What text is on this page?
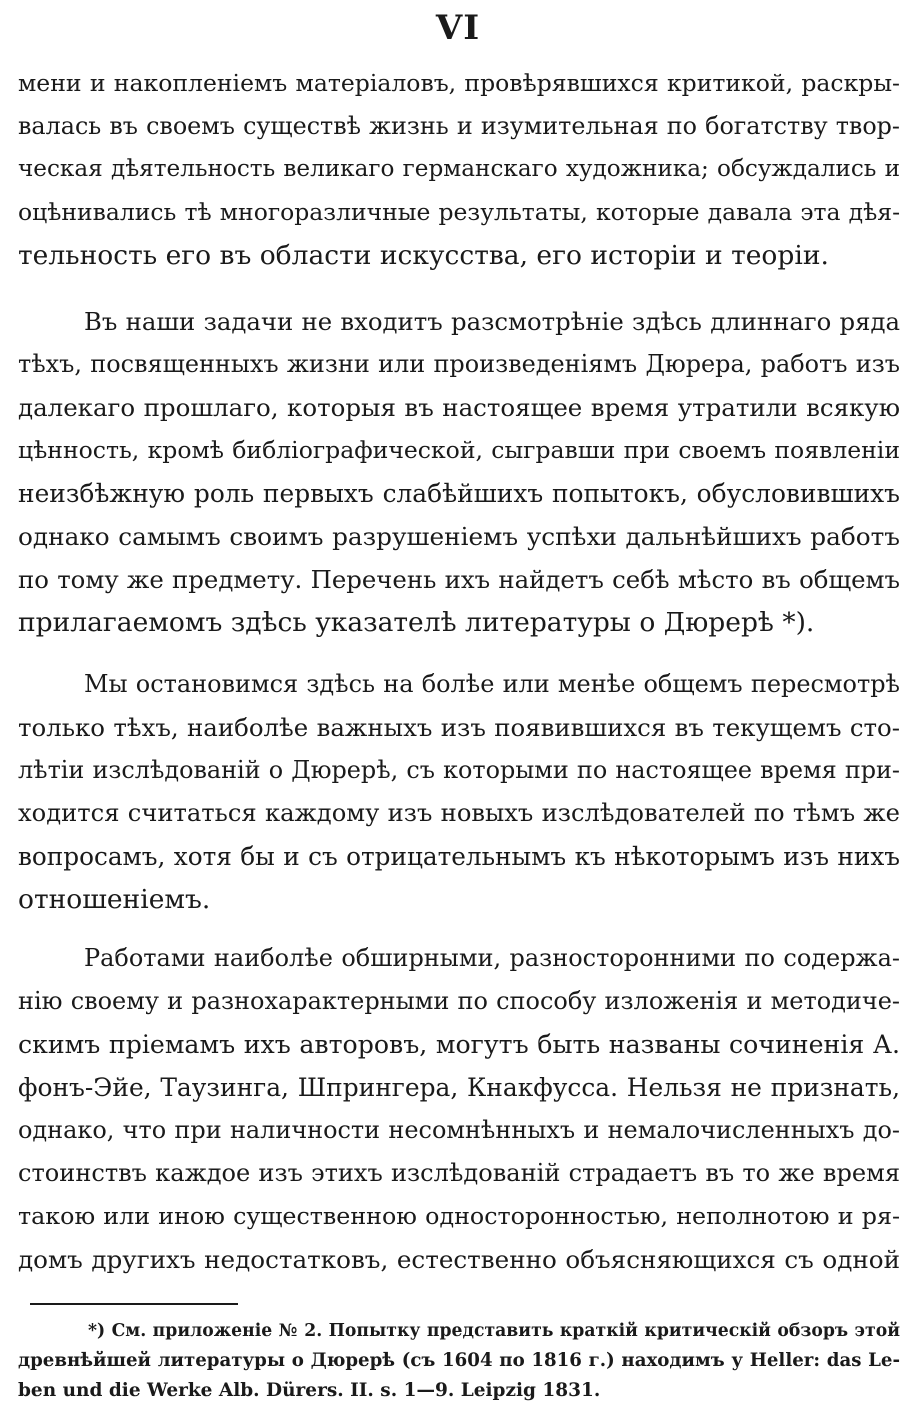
VI
мени и накопленіемъ матеріаловъ, провѣрявшихся критикой, раскры-
валась въ своемъ существѣ жизнь и изумительная по богатству твор-
ческая дѣятельность великаго германскаго художника; обсуждались и
оцѣнивались тѣ многоразличные результаты, которые давала эта дѣя-
тельность его въ области искусства, его исторіи и теоріи.
Въ наши задачи не входитъ разсмотрѣніе здѣсь длиннаго ряда
тѣхъ, посвященныхъ жизни или произведеніямъ Дюрера, работъ изъ
далекаго прошлаго, которыя въ настоящее время утратили всякую
цѣнность, кромѣ библіографической, сыгравши при своемъ появленіи
неизбѣжную роль первыхъ слабѣйшихъ попытокъ, обусловившихъ
однако самымъ своимъ разрушеніемъ успѣхи дальнѣйшихъ работъ
по тому же предмету. Перечень ихъ найдетъ себѣ мѣсто въ общемъ
прилагаемомъ здѣсь указателѣ литературы о Дюрерѣ *).
Мы остановимся здѣсь на болѣе или менѣе общемъ пересмотрѣ
только тѣхъ, наиболѣе важныхъ изъ появившихся въ текущемъ сто-
лѣтіи изслѣдованій о Дюрерѣ, съ которыми по настоящее время при-
ходится считаться каждому изъ новыхъ изслѣдователей по тѣмъ же
вопросамъ, хотя бы и съ отрицательнымъ къ нѣкоторымъ изъ нихъ
отношеніемъ.
Работами наиболѣе обширными, разносторонними по содержа-
нію своему и разнохарактерными по способу изложенія и методиче-
скимъ пріемамъ ихъ авторовъ, могутъ быть названы сочиненія А.
фонъ-Эйе, Таузинга, Шпрингера, Кнакфусса. Нельзя не признать,
однако, что при наличности несомнѣнныхъ и немалочисленныхъ до-
стоинствъ каждое изъ этихъ изслѣдованій страдаетъ въ то же время
такою или иною существенною односторонностью, неполнотою и ря-
домъ другихъ недостатковъ, естественно объясняющихся съ одной
*) См. приложеніе № 2. Попытку представить краткій критическій обзоръ этой
древнѣйшей литературы о Дюрерѣ (съ 1604 по 1816 г.) находимъ у Heller: das Le-
ben und die Werke Alb. Dürers. II. s. 1—9. Leipzig 1831.
